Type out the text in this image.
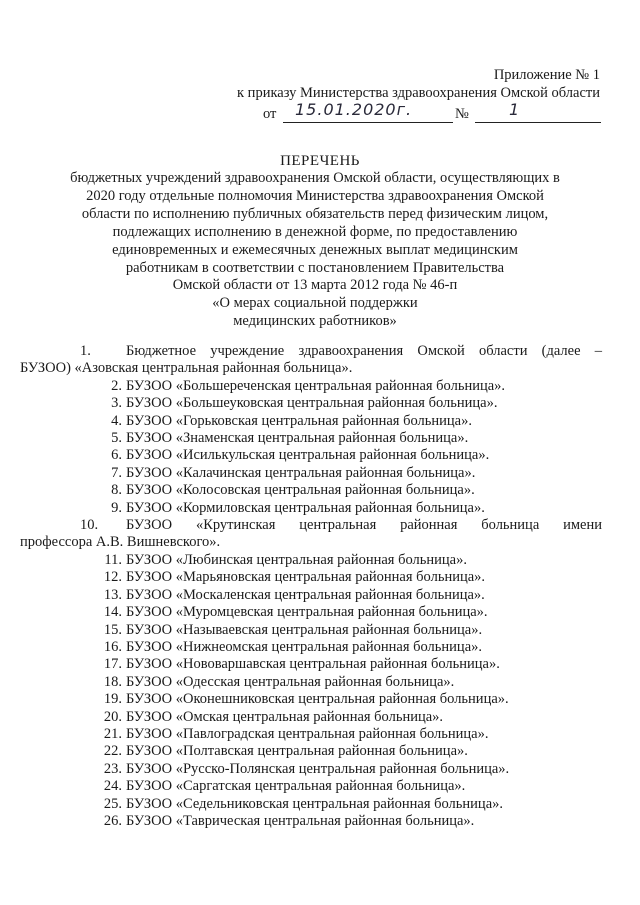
Приложение № 1
к приказу Министерства здравоохранения Омской области
от 15.01.2020г.	№	1
ПЕРЕЧЕНЬ
бюджетных учреждений здравоохранения Омской области, осуществляющих в
2020 году отдельные полномочия Министерства здравоохранения Омской
области по исполнению публичных обязательств перед физическим лицом,
подлежащих исполнению в денежной форме, по предоставлению
единовременных и ежемесячных денежных выплат медицинским
работникам в соответствии с постановлением Правительства
Омской области от 13 марта 2012 года № 46-п
«О мерах социальной поддержки
медицинских работников»
1.	Бюджетное учреждение здравоохранения Омской области (далее –
БУЗОО) «Азовская центральная районная больница».
2. БУЗОО «Большереченская центральная районная больница».
3. БУЗОО «Большеуковская центральная районная больница».
4. БУЗОО «Горьковская центральная районная больница».
5. БУЗОО «Знаменская центральная районная больница».
6. БУЗОО «Исилькульская центральная районная больница».
7. БУЗОО «Калачинская центральная районная больница».
8. БУЗОО «Колосовская центральная районная больница».
9. БУЗОО «Кормиловская центральная районная больница».
10.	БУЗОО «Крутинская центральная районная больница имени
профессора А.В. Вишневского».
11. БУЗОО «Любинская центральная районная больница».
12. БУЗОО «Марьяновская центральная районная больница».
13. БУЗОО «Москаленская центральная районная больница».
14. БУЗОО «Муромцевская центральная районная больница».
15. БУЗОО «Называевская центральная районная больница».
16. БУЗОО «Нижнеомская центральная районная больница».
17. БУЗОО «Нововаршавская центральная районная больница».
18. БУЗОО «Одесская центральная районная больница».
19. БУЗОО «Оконешниковская центральная районная больница».
20. БУЗОО «Омская центральная районная больница».
21. БУЗОО «Павлоградская центральная районная больница».
22. БУЗОО «Полтавская центральная районная больница».
23. БУЗОО «Русско-Полянская центральная районная больница».
24. БУЗОО «Саргатская центральная районная больница».
25. БУЗОО «Седельниковская центральная районная больница».
26. БУЗОО «Таврическая центральная районная больница».
